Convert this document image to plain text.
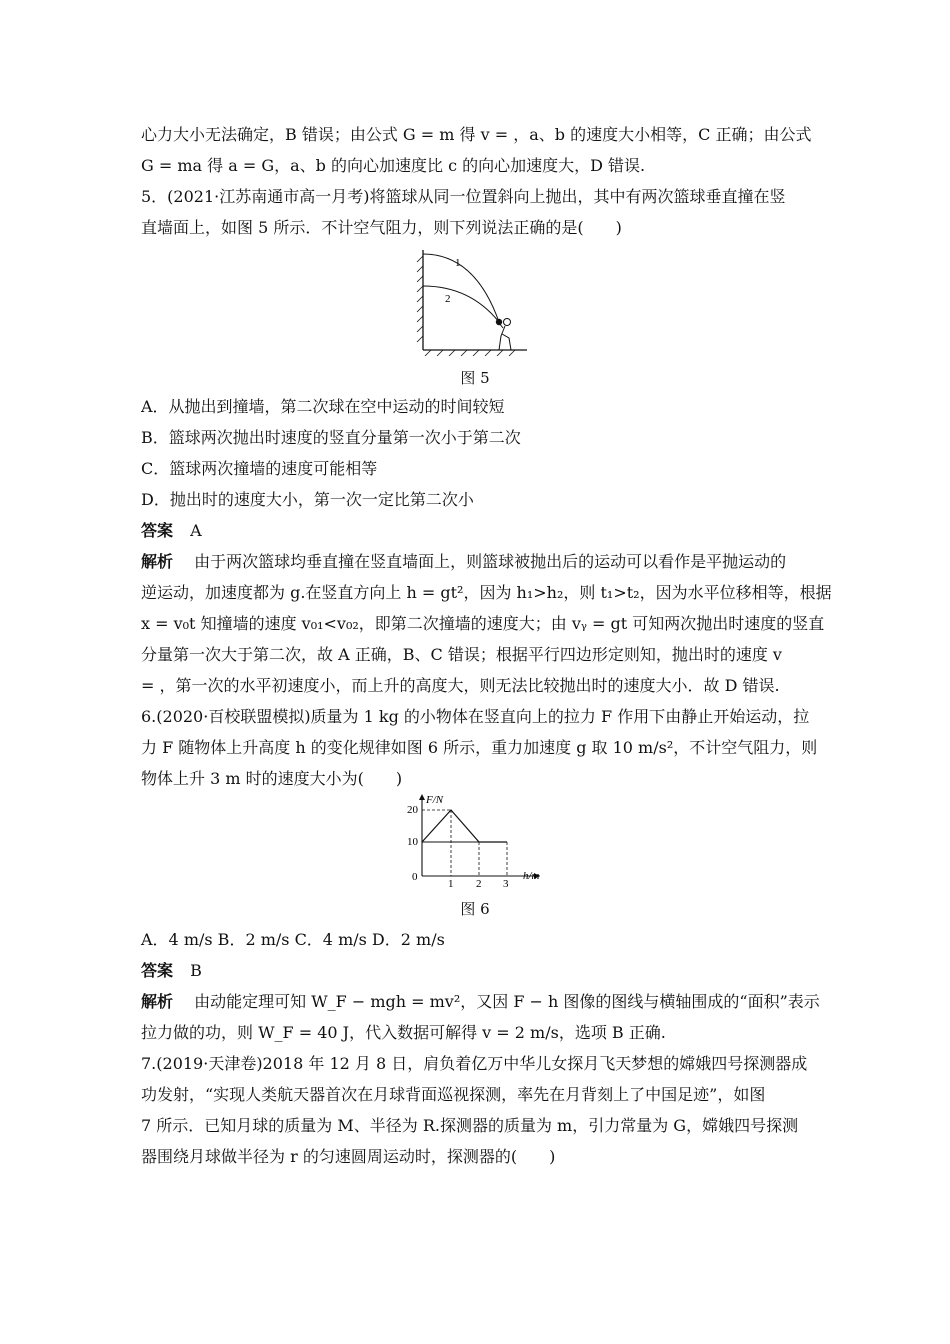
心力大小无法确定，B 错误；由公式 G = m 得 v = ，a、b 的速度大小相等，C 正确；由公式
G = ma 得 a = G，a、b 的向心加速度比 c 的向心加速度大，D 错误.
5．(2021·江苏南通市高一月考)将篮球从同一位置斜向上抛出，其中有两次篮球垂直撞在竖
直墙面上，如图 5 所示．不计空气阻力，则下列说法正确的是(　　)
1
2
图 5
A．从抛出到撞墙，第二次球在空中运动的时间较短
B．篮球两次抛出时速度的竖直分量第一次小于第二次
C．篮球两次撞墙的速度可能相等
D．抛出时的速度大小，第一次一定比第二次小
答案 A
解析 由于两次篮球均垂直撞在竖直墙面上，则篮球被抛出后的运动可以看作是平抛运动的
逆运动，加速度都为 g.在竖直方向上 h = gt²，因为 h₁>h₂，则 t₁>t₂，因为水平位移相等，根据
x = v₀t 知撞墙的速度 v₀₁<v₀₂，即第二次撞墙的速度大；由 vᵧ = gt 可知两次抛出时速度的竖直
分量第一次大于第二次，故 A 正确，B、C 错误；根据平行四边形定则知，抛出时的速度 v
= ，第一次的水平初速度小，而上升的高度大，则无法比较抛出时的速度大小．故 D 错误.
6.(2020·百校联盟模拟)质量为 1 kg 的小物体在竖直向上的拉力 F 作用下由静止开始运动，拉
力 F 随物体上升高度 h 的变化规律如图 6 所示，重力加速度 g 取 10 m/s²，不计空气阻力，则
物体上升 3 m 时的速度大小为(　　)
F/N
h/m
20
10
0
1 2 3
图 6
A．4 m/s B．2 m/s C．4 m/s D．2 m/s
答案 B
解析 由动能定理可知 W_F − mgh = mv²，又因 F − h 图像的图线与横轴围成的“面积”表示
拉力做的功，则 W_F = 40 J，代入数据可解得 v = 2 m/s，选项 B 正确.
7.(2019·天津卷)2018 年 12 月 8 日，肩负着亿万中华儿女探月飞天梦想的嫦娥四号探测器成
功发射，“实现人类航天器首次在月球背面巡视探测，率先在月背刻上了中国足迹”，如图
7 所示．已知月球的质量为 M、半径为 R.探测器的质量为 m，引力常量为 G，嫦娥四号探测
器围绕月球做半径为 r 的匀速圆周运动时，探测器的(　　)
